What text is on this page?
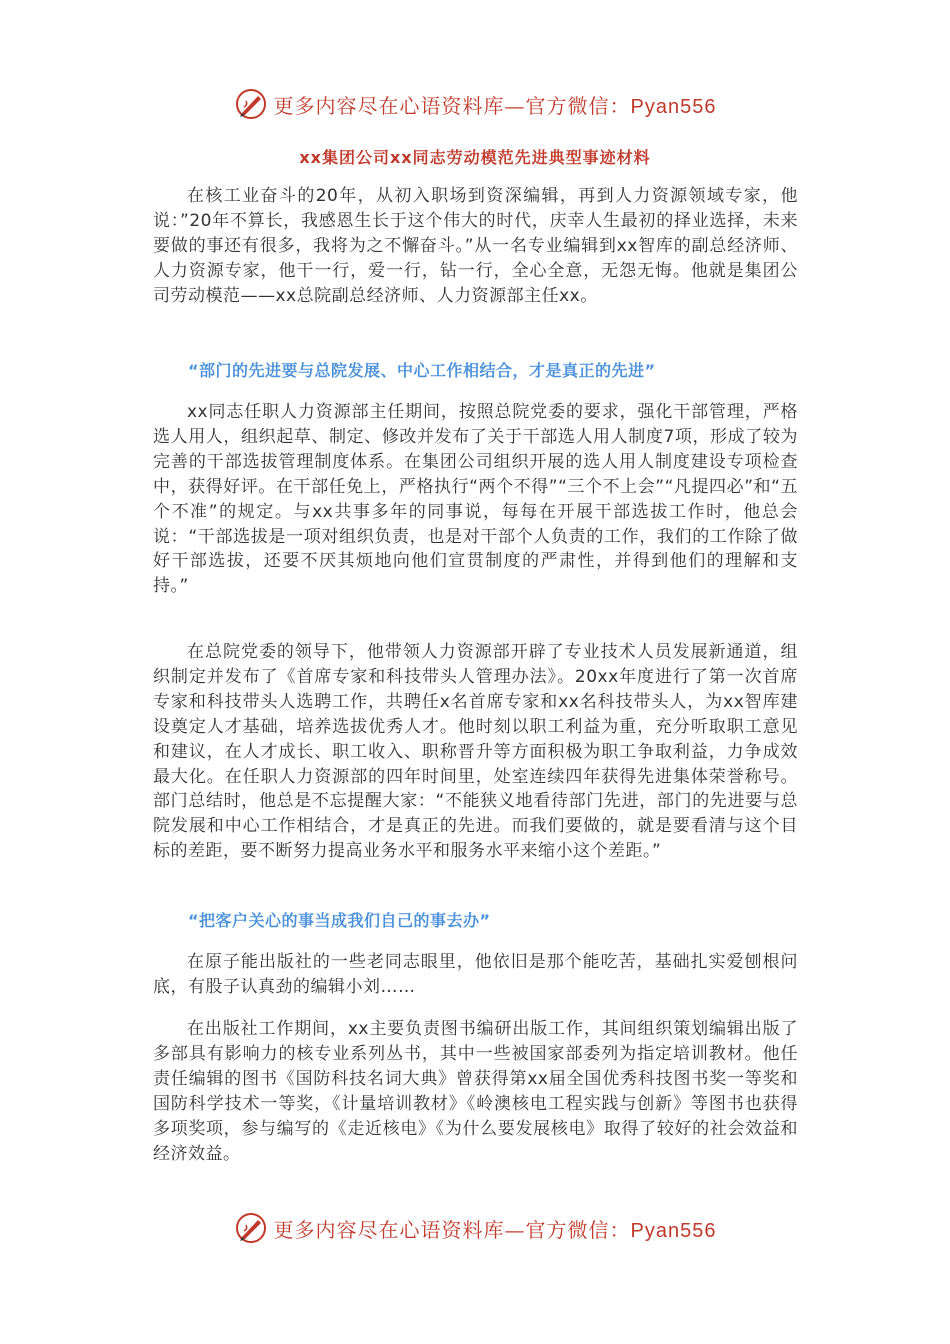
更多内容尽在心语资料库—官方微信：Pyan556
xx集团公司xx同志劳动模范先进典型事迹材料

在核工业奋斗的20年，从初入职场到资深编辑，再到人力资源领域专家，他说：”20年不算长，我感恩生长于这个伟大的时代，庆幸人生最初的择业选择，未来要做的事还有很多，我将为之不懈奋斗。”从一名专业编辑到xx智库的副总经济师、人力资源专家，他干一行，爱一行，钻一行，全心全意，无怨无悔。他就是集团公司劳动模范——xx总院副总经济师、人力资源部主任xx。

“部门的先进要与总院发展、中心工作相结合，才是真正的先进”

xx同志任职人力资源部主任期间，按照总院党委的要求，强化干部管理，严格选人用人，组织起草、制定、修改并发布了关于干部选人用人制度7项，形成了较为完善的干部选拔管理制度体系。在集团公司组织开展的选人用人制度建设专项检查中，获得好评。在干部任免上，严格执行“两个不得”“三个不上会”“凡提四必”和“五个不准”的规定。与xx共事多年的同事说，每每在开展干部选拔工作时，他总会说：“干部选拔是一项对组织负责，也是对干部个人负责的工作，我们的工作除了做好干部选拔，还要不厌其烦地向他们宣贯制度的严肃性，并得到他们的理解和支持。”

在总院党委的领导下，他带领人力资源部开辟了专业技术人员发展新通道，组织制定并发布了《首席专家和科技带头人管理办法》。20xx年度进行了第一次首席专家和科技带头人选聘工作，共聘任x名首席专家和xx名科技带头人，为xx智库建设奠定人才基础，培养选拔优秀人才。他时刻以职工利益为重，充分听取职工意见和建议，在人才成长、职工收入、职称晋升等方面积极为职工争取利益，力争成效最大化。在任职人力资源部的四年时间里，处室连续四年获得先进集体荣誉称号。部门总结时，他总是不忘提醒大家：“不能狭义地看待部门先进，部门的先进要与总院发展和中心工作相结合，才是真正的先进。而我们要做的，就是要看清与这个目标的差距，要不断努力提高业务水平和服务水平来缩小这个差距。”

“把客户关心的事当成我们自己的事去办”

在原子能出版社的一些老同志眼里，他依旧是那个能吃苦，基础扎实爱刨根问底，有股子认真劲的编辑小刘……

在出版社工作期间，xx主要负责图书编研出版工作，其间组织策划编辑出版了多部具有影响力的核专业系列丛书，其中一些被国家部委列为指定培训教材。他任责任编辑的图书《国防科技名词大典》曾获得第xx届全国优秀科技图书奖一等奖和国防科学技术一等奖，《计量培训教材》《岭澳核电工程实践与创新》等图书也获得多项奖项，参与编写的《走近核电》《为什么要发展核电》取得了较好的社会效益和经济效益。

更多内容尽在心语资料库—官方微信：Pyan556
